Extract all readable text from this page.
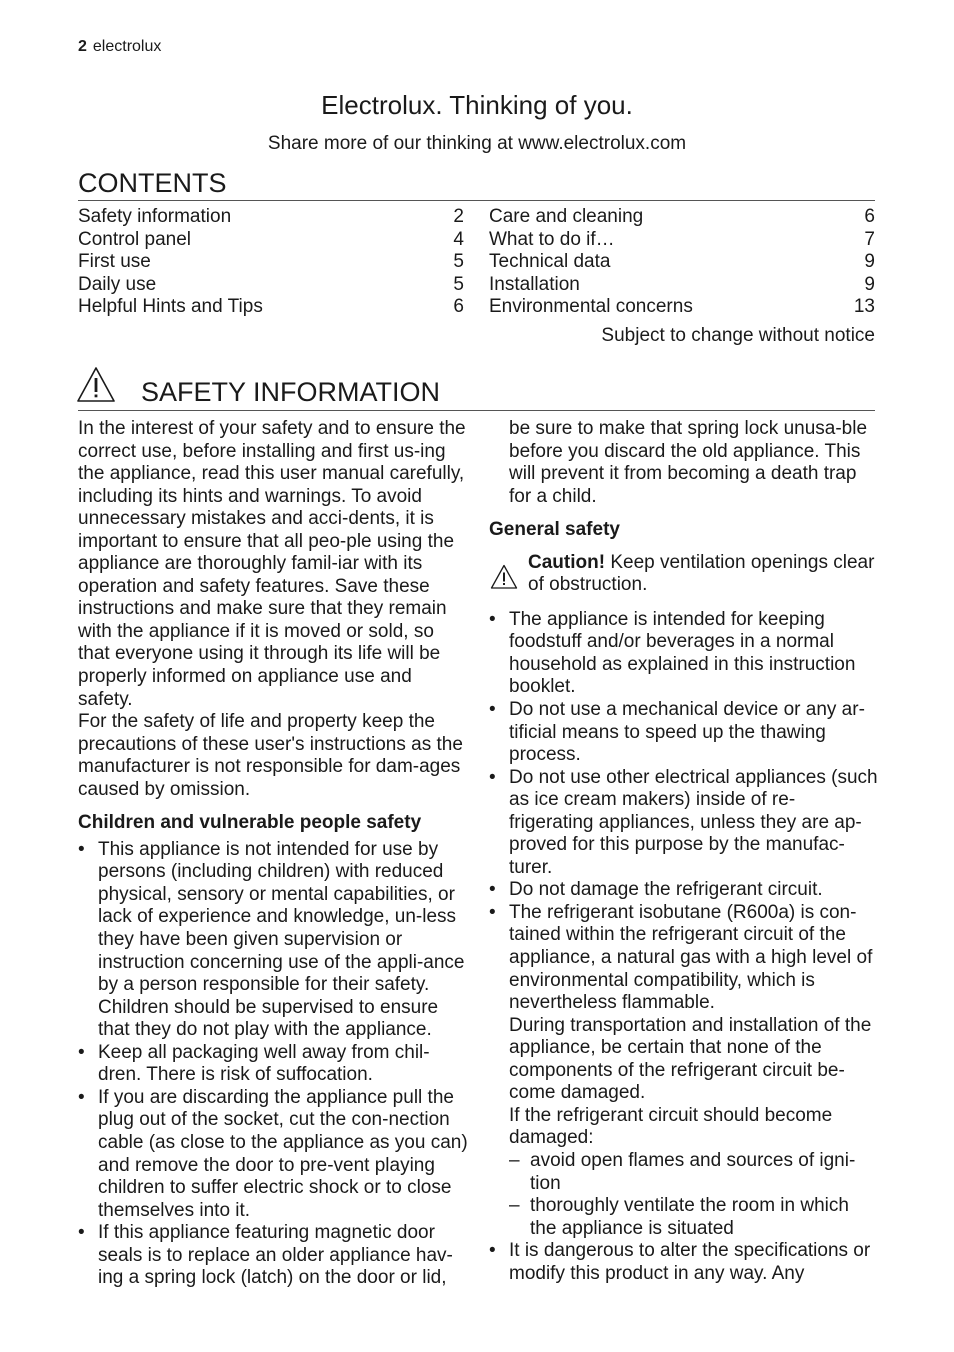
2 electrolux
Electrolux. Thinking of you.
Share more of our thinking at www.electrolux.com
CONTENTS
Safety information	2
Control panel	4
First use	5
Daily use	5
Helpful Hints and Tips	6
Care and cleaning	6
What to do if…	7
Technical data	9
Installation	9
Environmental concerns	13
Subject to change without notice
SAFETY INFORMATION

In the interest of your safety and to ensure the correct use, before installing and first us-ing the appliance, read this user manual carefully, including its hints and warnings. To avoid unnecessary mistakes and acci-dents, it is important to ensure that all peo-ple using the appliance are thoroughly famil-iar with its operation and safety features. Save these instructions and make sure that they remain with the appliance if it is moved or sold, so that everyone using it through its life will be properly informed on appliance use and safety.

For the safety of life and property keep the precautions of these user's instructions as the manufacturer is not responsible for dam-ages caused by omission.

Children and vulnerable people safety
• This appliance is not intended for use by persons (including children) with reduced physical, sensory or mental capabilities, or lack of experience and knowledge, un-less they have been given supervision or instruction concerning use of the appli-ance by a person responsible for their safety.
Children should be supervised to ensure that they do not play with the appliance.
• Keep all packaging well away from chil-dren. There is risk of suffocation.
• If you are discarding the appliance pull the plug out of the socket, cut the con-nection cable (as close to the appliance as you can) and remove the door to pre-vent playing children to suffer electric shock or to close themselves into it.
• If this appliance featuring magnetic door seals is to replace an older appliance hav-ing a spring lock (latch) on the door or lid,

be sure to make that spring lock unusa-ble before you discard the old appliance. This will prevent it from becoming a death trap for a child.

General safety
Caution! Keep ventilation openings clear of obstruction.
• The appliance is intended for keeping foodstuff and/or beverages in a normal household as explained in this instruction booklet.
• Do not use a mechanical device or any ar-tificial means to speed up the thawing process.
• Do not use other electrical appliances (such as ice cream makers) inside of re-frigerating appliances, unless they are ap-proved for this purpose by the manufac-turer.
• Do not damage the refrigerant circuit.
• The refrigerant isobutane (R600a) is con-tained within the refrigerant circuit of the appliance, a natural gas with a high level of environmental compatibility, which is nevertheless flammable.
During transportation and installation of the appliance, be certain that none of the components of the refrigerant circuit be-come damaged.
If the refrigerant circuit should become damaged:
– avoid open flames and sources of igni-tion
– thoroughly ventilate the room in which the appliance is situated
• It is dangerous to alter the specifications or modify this product in any way. Any
